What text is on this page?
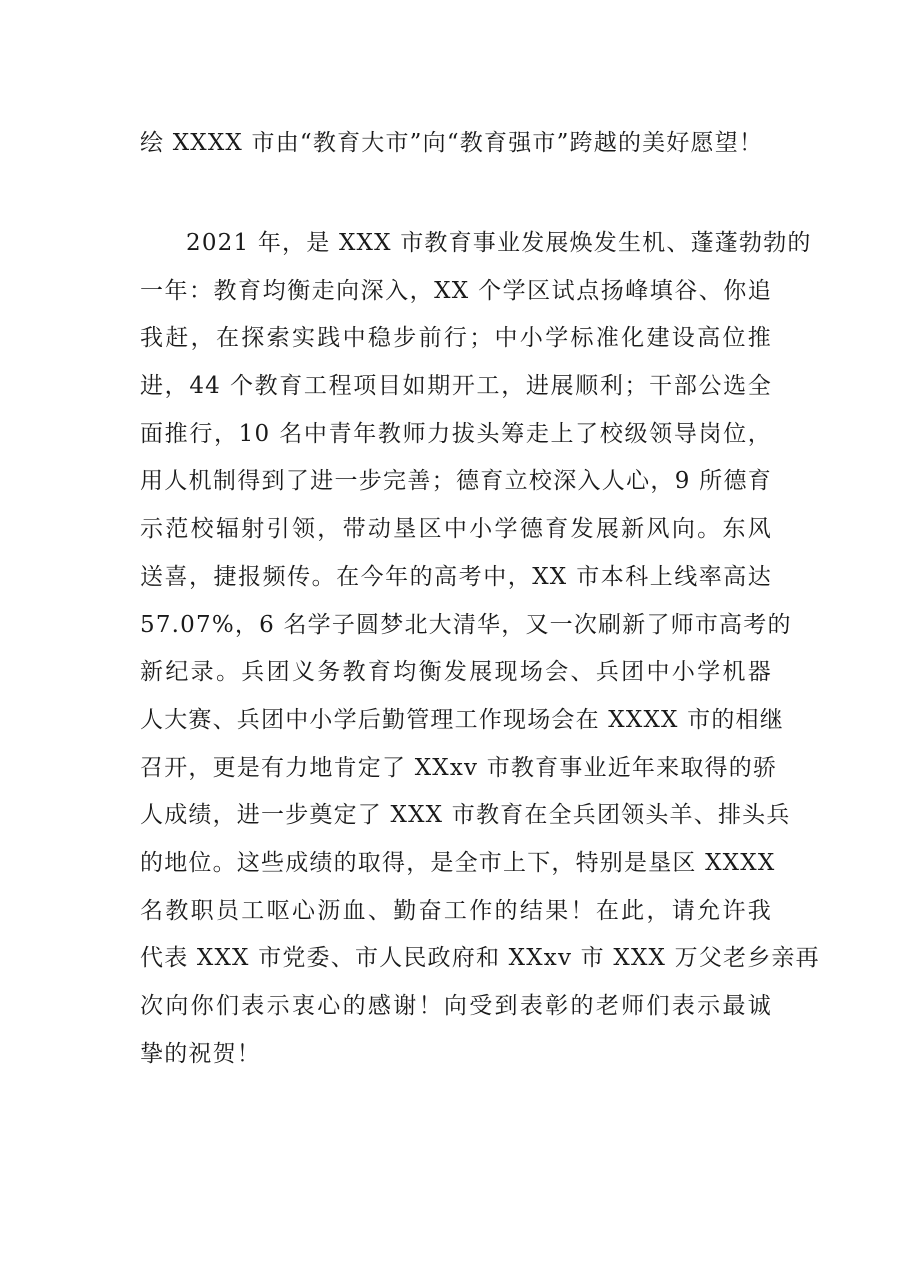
绘 XXXX 市由“教育大市”向“教育强市”跨越的美好愿望！
2021 年，是 XXX 市教育事业发展焕发生机、蓬蓬勃勃的
一年：教育均衡走向深入，XX 个学区试点扬峰填谷、你追
我赶，在探索实践中稳步前行；中小学标准化建设高位推
进，44 个教育工程项目如期开工，进展顺利；干部公选全
面推行，10 名中青年教师力拔头筹走上了校级领导岗位，
用人机制得到了进一步完善；德育立校深入人心，9 所德育
示范校辐射引领，带动垦区中小学德育发展新风向。东风
送喜，捷报频传。在今年的高考中，XX 市本科上线率高达
57.07%，6 名学子圆梦北大清华，又一次刷新了师市高考的
新纪录。兵团义务教育均衡发展现场会、兵团中小学机器
人大赛、兵团中小学后勤管理工作现场会在 XXXX 市的相继
召开，更是有力地肯定了 XXxv 市教育事业近年来取得的骄
人成绩，进一步奠定了 XXX 市教育在全兵团领头羊、排头兵
的地位。这些成绩的取得，是全市上下，特别是垦区 XXXX
名教职员工呕心沥血、勤奋工作的结果！在此，请允许我
代表 XXX 市党委、市人民政府和 XXxv 市 XXX 万父老乡亲再
次向你们表示衷心的感谢！向受到表彰的老师们表示最诚
挚的祝贺！
